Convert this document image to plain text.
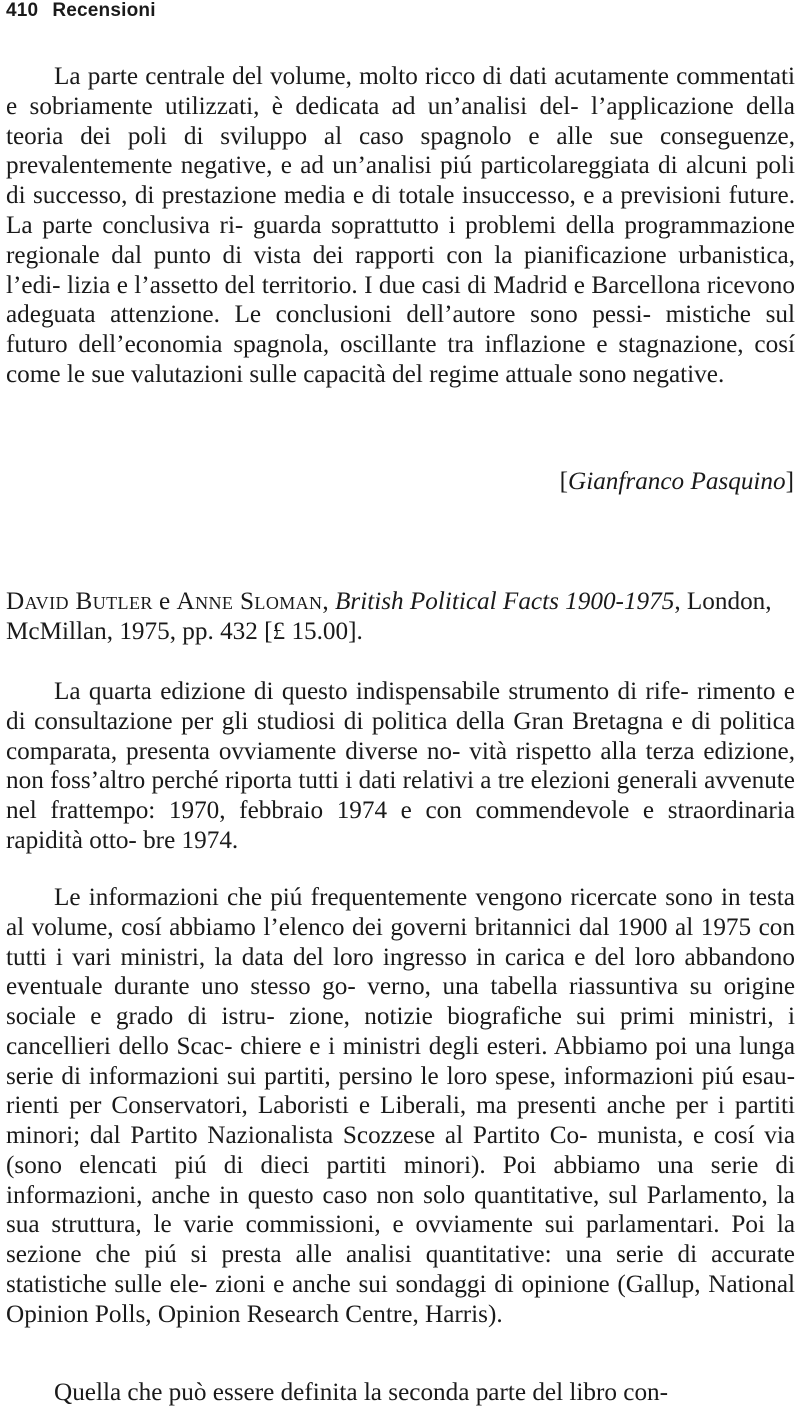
410 Recensioni

La parte centrale del volume, molto ricco di dati acutamente commentati e sobriamente utilizzati, è dedicata ad un’analisi del- l’applicazione della teoria dei poli di sviluppo al caso spagnolo e alle sue conseguenze, prevalentemente negative, e ad un’analisi piú particolareggiata di alcuni poli di successo, di prestazione media e di totale insuccesso, e a previsioni future. La parte conclusiva ri- guarda soprattutto i problemi della programmazione regionale dal punto di vista dei rapporti con la pianificazione urbanistica, l’edi- lizia e l’assetto del territorio. I due casi di Madrid e Barcellona ricevono adeguata attenzione. Le conclusioni dell’autore sono pessi- mistiche sul futuro dell’economia spagnola, oscillante tra inflazione e stagnazione, cosí come le sue valutazioni sulle capacità del regime attuale sono negative.

[Gianfranco Pasquino]
David Butler e Anne Sloman, British Political Facts 1900-1975, London, McMillan, 1975, pp. 432 [£ 15.00].

La quarta edizione di questo indispensabile strumento di rife- rimento e di consultazione per gli studiosi di politica della Gran Bretagna e di politica comparata, presenta ovviamente diverse no- vità rispetto alla terza edizione, non foss’altro perché riporta tutti i dati relativi a tre elezioni generali avvenute nel frattempo: 1970, febbraio 1974 e con commendevole e straordinaria rapidità otto- bre 1974.

Le informazioni che piú frequentemente vengono ricercate sono in testa al volume, cosí abbiamo l’elenco dei governi britannici dal 1900 al 1975 con tutti i vari ministri, la data del loro ingresso in carica e del loro abbandono eventuale durante uno stesso go- verno, una tabella riassuntiva su origine sociale e grado di istru- zione, notizie biografiche sui primi ministri, i cancellieri dello Scac- chiere e i ministri degli esteri. Abbiamo poi una lunga serie di informazioni sui partiti, persino le loro spese, informazioni piú esau- rienti per Conservatori, Laboristi e Liberali, ma presenti anche per i partiti minori; dal Partito Nazionalista Scozzese al Partito Co- munista, e cosí via (sono elencati piú di dieci partiti minori). Poi abbiamo una serie di informazioni, anche in questo caso non solo quantitative, sul Parlamento, la sua struttura, le varie commissioni, e ovviamente sui parlamentari. Poi la sezione che piú si presta alle analisi quantitative: una serie di accurate statistiche sulle ele- zioni e anche sui sondaggi di opinione (Gallup, National Opinion Polls, Opinion Research Centre, Harris).

Quella che può essere definita la seconda parte del libro con-
